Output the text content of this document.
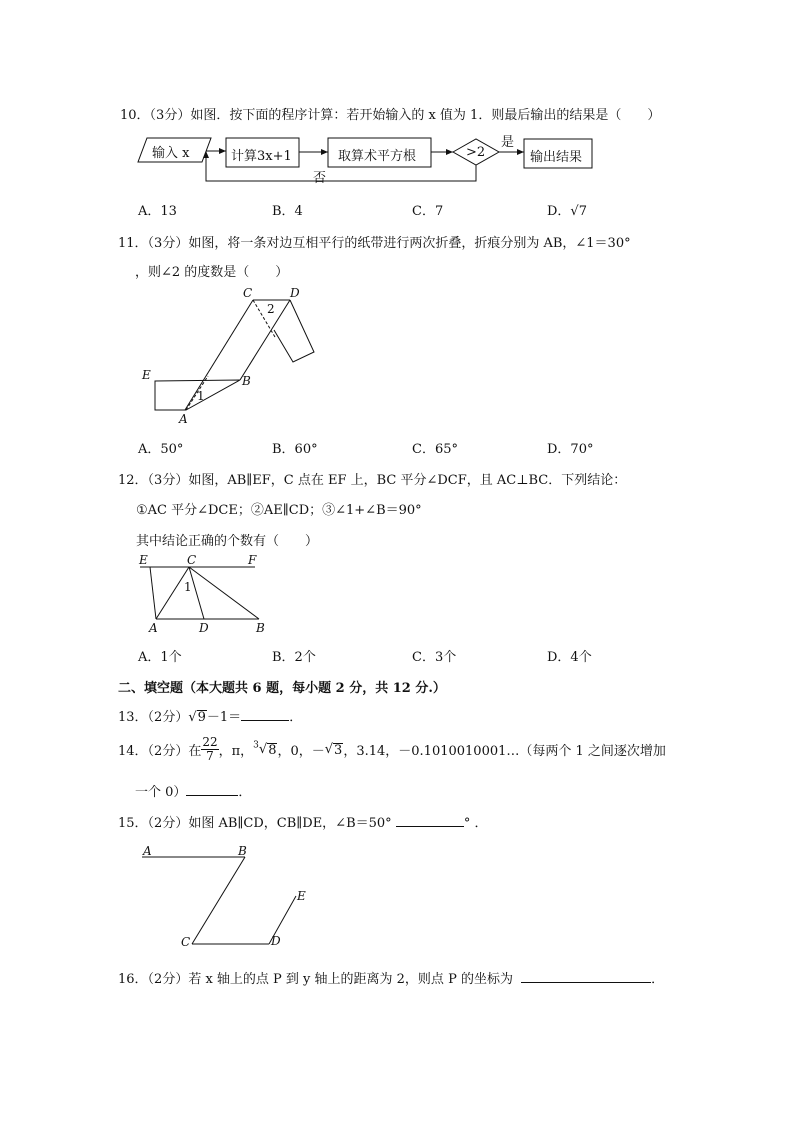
10．（3分）如图．按下面的程序计算：若开始输入的 x 值为 1．则最后输出的结果是（　　）
输入 x	计算3x+1	取算术平方根	>2
是
否
输出结果
A．13	B．4	C．7	D．√7
11．（3分）如图，将一条对边互相平行的纸带进行两次折叠，折痕分别为 AB，∠1＝30°
，则∠2 的度数是（　　）
C	D
2
E	B
1
A
A．50°	B．60°	C．65°	D．70°
12．（3分）如图，AB∥EF，C 点在 EF 上，BC 平分∠DCF，且 AC⊥BC．下列结论：
①AC 平分∠DCE；②AE∥CD；③∠1+∠B＝90°
其中结论正确的个数有（　　）
E	C	F
1
A	D	B
A．1个	B．2个	C．3个	D．4个
二、填空题（本大题共 6 题，每小题 2 分，共 12 分.）
13．（2分）√9－1＝	．
14．（2分）在 $\frac{22}{7}$ ，π，$^3$√8，0，－√3，3.14，－0.1010010001…（每两个 1 之间逐次增加
一个 0）	．
15．（2分）如图 AB∥CD，CB∥DE，∠B＝50°	° ．
A	B
E
C	D
16．（2分）若 x 轴上的点 P 到 y 轴上的距离为 2，则点 P 的坐标为	．
